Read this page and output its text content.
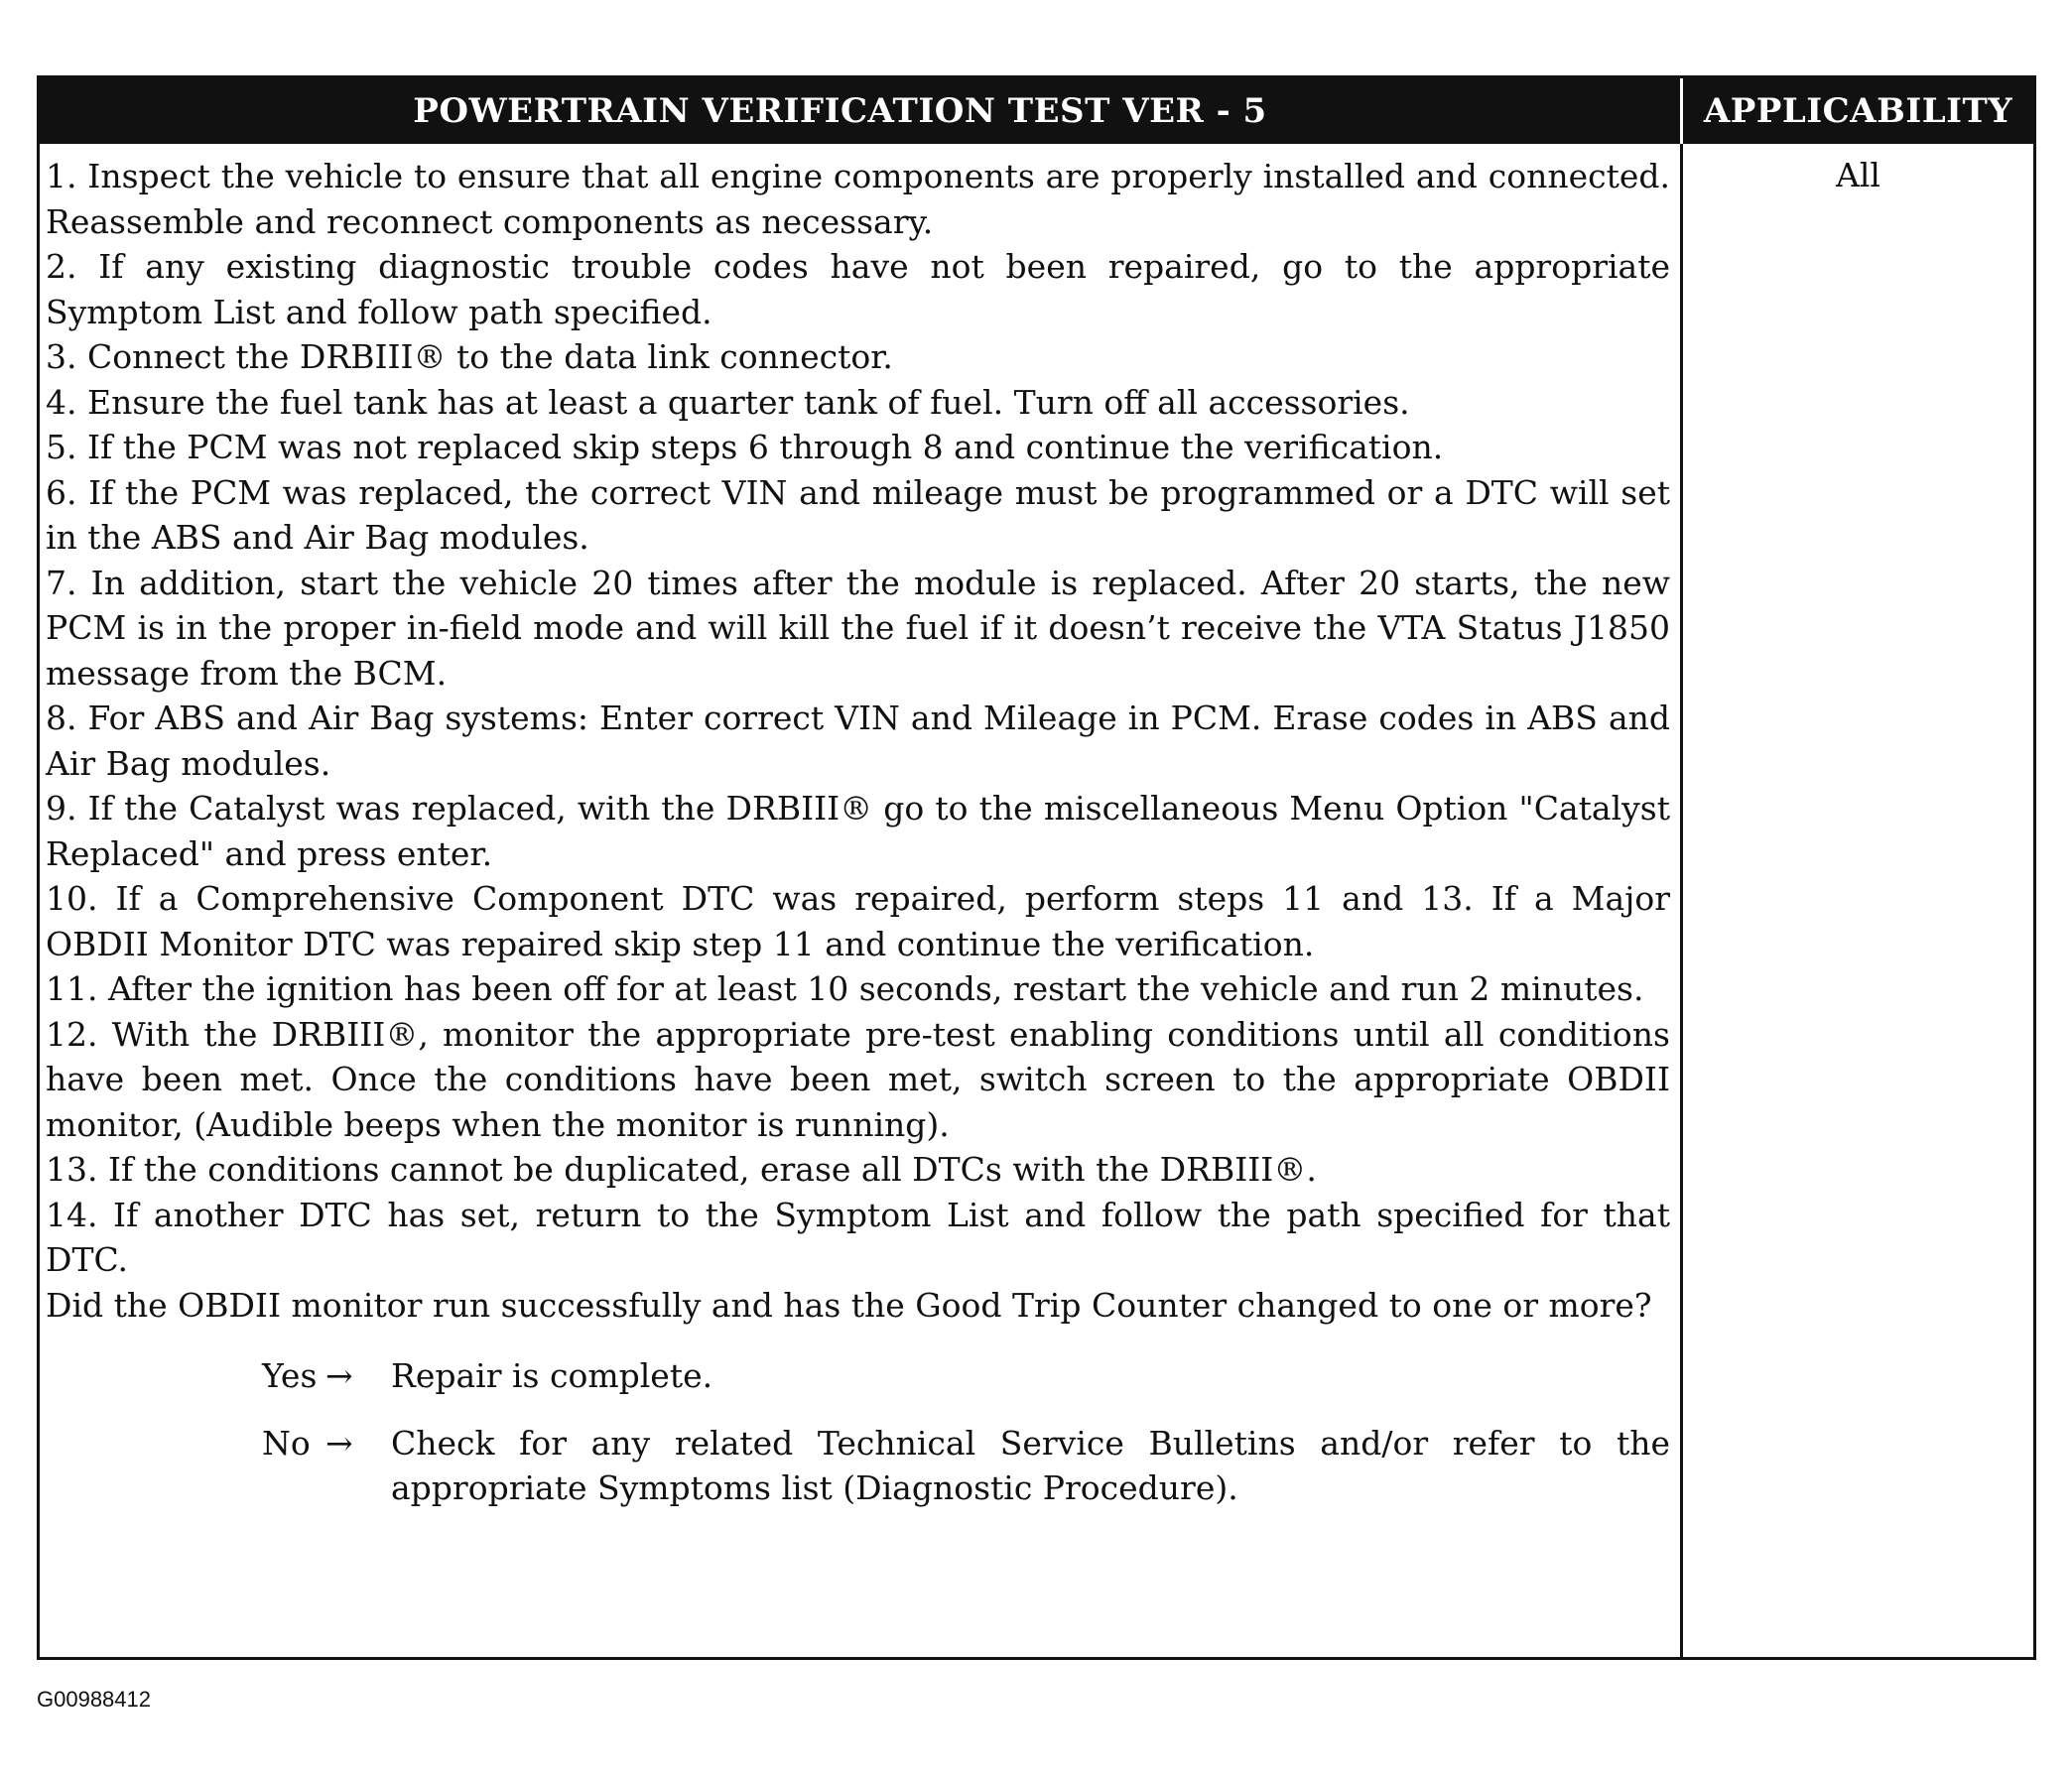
POWERTRAIN VERIFICATION TEST VER - 5	APPLICABILITY

1. Inspect the vehicle to ensure that all engine components are properly installed and connected. Reassemble and reconnect components as necessary.

2. If any existing diagnostic trouble codes have not been repaired, go to the appropriate Symptom List and follow path specified.

3. Connect the DRBIII® to the data link connector.

4. Ensure the fuel tank has at least a quarter tank of fuel. Turn off all accessories.

5. If the PCM was not replaced skip steps 6 through 8 and continue the verification.

6. If the PCM was replaced, the correct VIN and mileage must be programmed or a DTC will set in the ABS and Air Bag modules.

7. In addition, start the vehicle 20 times after the module is replaced. After 20 starts, the new PCM is in the proper in-field mode and will kill the fuel if it doesn’t receive the VTA Status J1850 message from the BCM.

8. For ABS and Air Bag systems: Enter correct VIN and Mileage in PCM. Erase codes in ABS and Air Bag modules.

9. If the Catalyst was replaced, with the DRBIII® go to the miscellaneous Menu Option "Catalyst Replaced" and press enter.

10. If a Comprehensive Component DTC was repaired, perform steps 11 and 13. If a Major OBDII Monitor DTC was repaired skip step 11 and continue the verification.

11. After the ignition has been off for at least 10 seconds, restart the vehicle and run 2 minutes.

12. With the DRBIII®, monitor the appropriate pre-test enabling conditions until all conditions have been met. Once the conditions have been met, switch screen to the appropriate OBDII monitor, (Audible beeps when the monitor is running).

13. If the conditions cannot be duplicated, erase all DTCs with the DRBIII®.

14. If another DTC has set, return to the Symptom List and follow the path specified for that DTC.

Did the OBDII monitor run successfully and has the Good Trip Counter changed to one or more?

Yes →	Repair is complete.
No →	Check for any related Technical Service Bulletins and/or refer to the appropriate Symptoms list (Diagnostic Procedure).
All
G00988412
